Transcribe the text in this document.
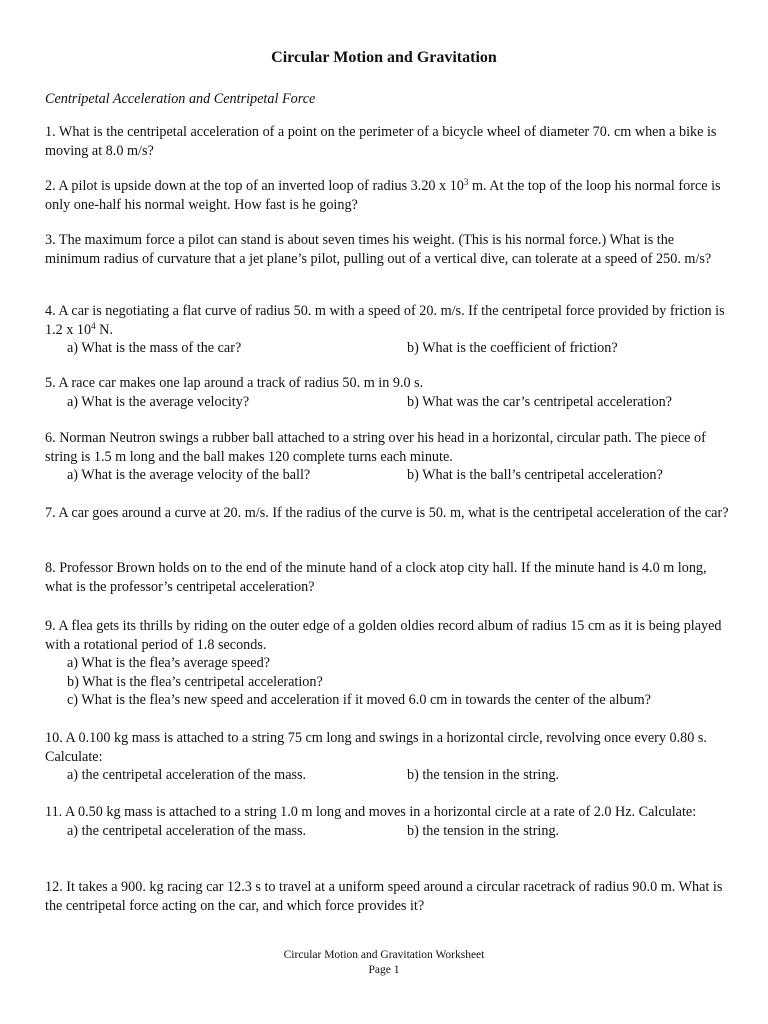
Circular Motion and Gravitation
Centripetal Acceleration and Centripetal Force

1. What is the centripetal acceleration of a point on the perimeter of a bicycle wheel of diameter 70. cm when a bike is moving at 8.0 m/s?

2. A pilot is upside down at the top of an inverted loop of radius 3.20 x $10^3$ m. At the top of the loop his normal force is only one-half his normal weight. How fast is he going?

3. The maximum force a pilot can stand is about seven times his weight. (This is his normal force.) What is the minimum radius of curvature that a jet plane’s pilot, pulling out of a vertical dive, can tolerate at a speed of 250. m/s?

4. A car is negotiating a flat curve of radius 50. m with a speed of 20. m/s. If the centripetal force provided by friction is 1.2 x $10^4$ N.

a) What is the mass of the car?	b) What is the coefficient of friction?

5. A race car makes one lap around a track of radius 50. m in 9.0 s.

a) What is the average velocity?	b) What was the car’s centripetal acceleration?

6. Norman Neutron swings a rubber ball attached to a string over his head in a horizontal, circular path. The piece of string is 1.5 m long and the ball makes 120 complete turns each minute.

a) What is the average velocity of the ball?	b) What is the ball’s centripetal acceleration?

7. A car goes around a curve at 20. m/s. If the radius of the curve is 50. m, what is the centripetal acceleration of the car?

8. Professor Brown holds on to the end of the minute hand of a clock atop city hall. If the minute hand is 4.0 m long, what is the professor’s centripetal acceleration?

9. A flea gets its thrills by riding on the outer edge of a golden oldies record album of radius 15 cm as it is being played with a rotational period of 1.8 seconds.

a) What is the flea’s average speed?
b) What is the flea’s centripetal acceleration?
c) What is the flea’s new speed and acceleration if it moved 6.0 cm in towards the center of the album?

10. A 0.100 kg mass is attached to a string 75 cm long and swings in a horizontal circle, revolving once every 0.80 s. Calculate:

a) the centripetal acceleration of the mass.	b) the tension in the string.

11. A 0.50 kg mass is attached to a string 1.0 m long and moves in a horizontal circle at a rate of 2.0 Hz. Calculate:

a) the centripetal acceleration of the mass.	b) the tension in the string.

12. It takes a 900. kg racing car 12.3 s to travel at a uniform speed around a circular racetrack of radius 90.0 m. What is the centripetal force acting on the car, and which force provides it?

Circular Motion and Gravitation Worksheet
Page 1
